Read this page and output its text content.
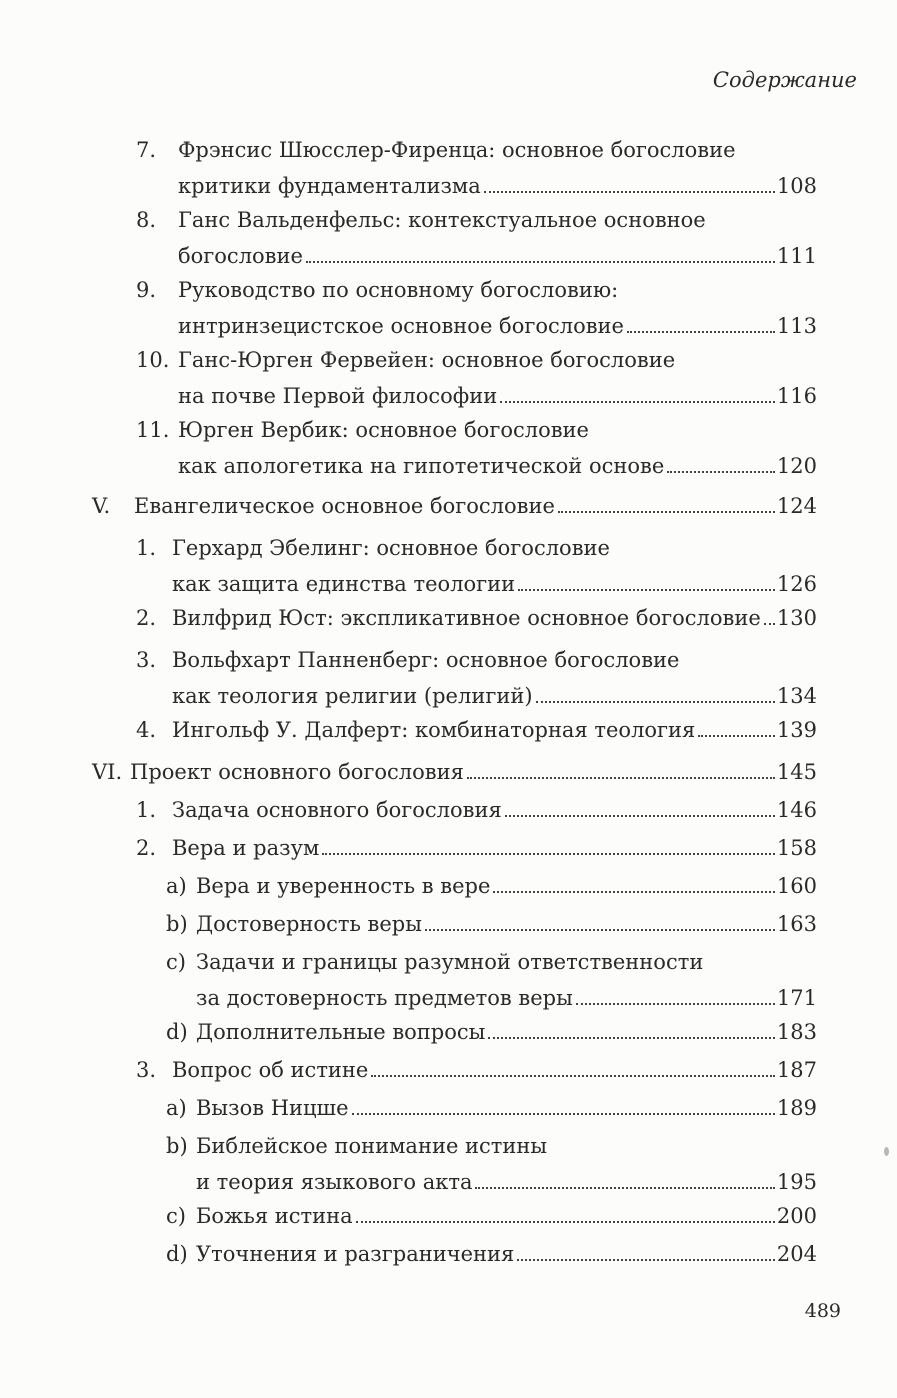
Содержание
7. Фрэнсис Шюсслер-Фиренца: основное богословие
критики фундаментализма	108
8. Ганс Вальденфельс: контекстуальное основное
богословие	111
9. Руководство по основному богословию:
интринзецистское основное богословие	113
10. Ганс-Юрген Фервейен: основное богословие
на почве Первой философии	116
11. Юрген Вербик: основное богословие
как апологетика на гипотетической основе	120
V. Евангелическое основное богословие	124
1. Герхард Эбелинг: основное богословие
как защита единства теологии	126
2. Вилфрид Юст: экспликативное основное богословие 130
3. Вольфхарт Панненберг: основное богословие
как теология религии (религий)	134
4. Ингольф У. Далферт: комбинаторная теология	139
VI. Проект основного богословия	145
1. Задача основного богословия	146
2. Вера и разум	158
a) Вера и уверенность в вере	160
b) Достоверность веры	163
c) Задачи и границы разумной ответственности
за достоверность предметов веры	171
d) Дополнительные вопросы	183
3. Вопрос об истине	187
a) Вызов Ницше	189
b) Библейское понимание истины
и теория языкового акта	195
c) Божья истина	200
d) Уточнения и разграничения	204
489
